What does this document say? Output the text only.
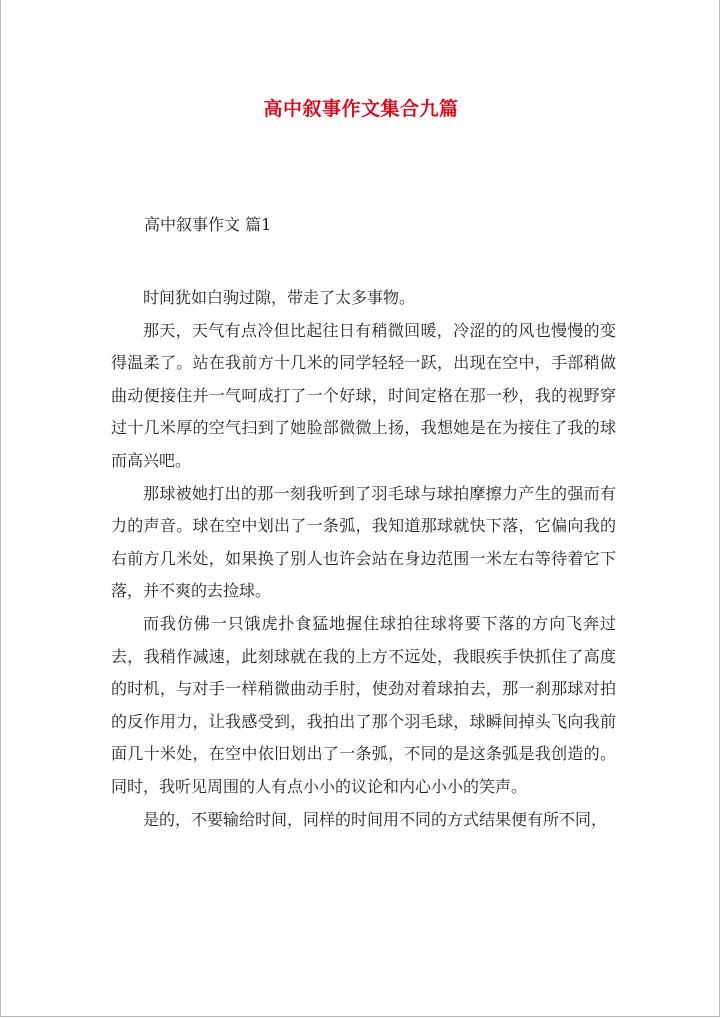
高中叙事作文集合九篇
高中叙事作文 篇1

时间犹如白驹过隙，带走了太多事物。

那天，天气有点冷但比起往日有稍微回暖，冷涩的的风也慢慢的变得温柔了。站在我前方十几米的同学轻轻一跃，出现在空中，手部稍做曲动便接住并一气呵成打了一个好球，时间定格在那一秒，我的视野穿过十几米厚的空气扫到了她脸部微微上扬，我想她是在为接住了我的球而高兴吧。

那球被她打出的那一刻我听到了羽毛球与球拍摩擦力产生的强而有力的声音。球在空中划出了一条弧，我知道那球就快下落，它偏向我的右前方几米处，如果换了别人也许会站在身边范围一米左右等待着它下落，并不爽的去捡球。

而我仿佛一只饿虎扑食猛地握住球拍往球将要下落的方向飞奔过去，我稍作减速，此刻球就在我的上方不远处，我眼疾手快抓住了高度的时机，与对手一样稍微曲动手肘，使劲对着球拍去，那一刹那球对拍的反作用力，让我感受到，我拍出了那个羽毛球，球瞬间掉头飞向我前面几十米处，在空中依旧划出了一条弧，不同的是这条弧是我创造的。同时，我听见周围的人有点小小的议论和内心小小的笑声。

是的，不要输给时间，同样的时间用不同的方式结果便有所不同，
